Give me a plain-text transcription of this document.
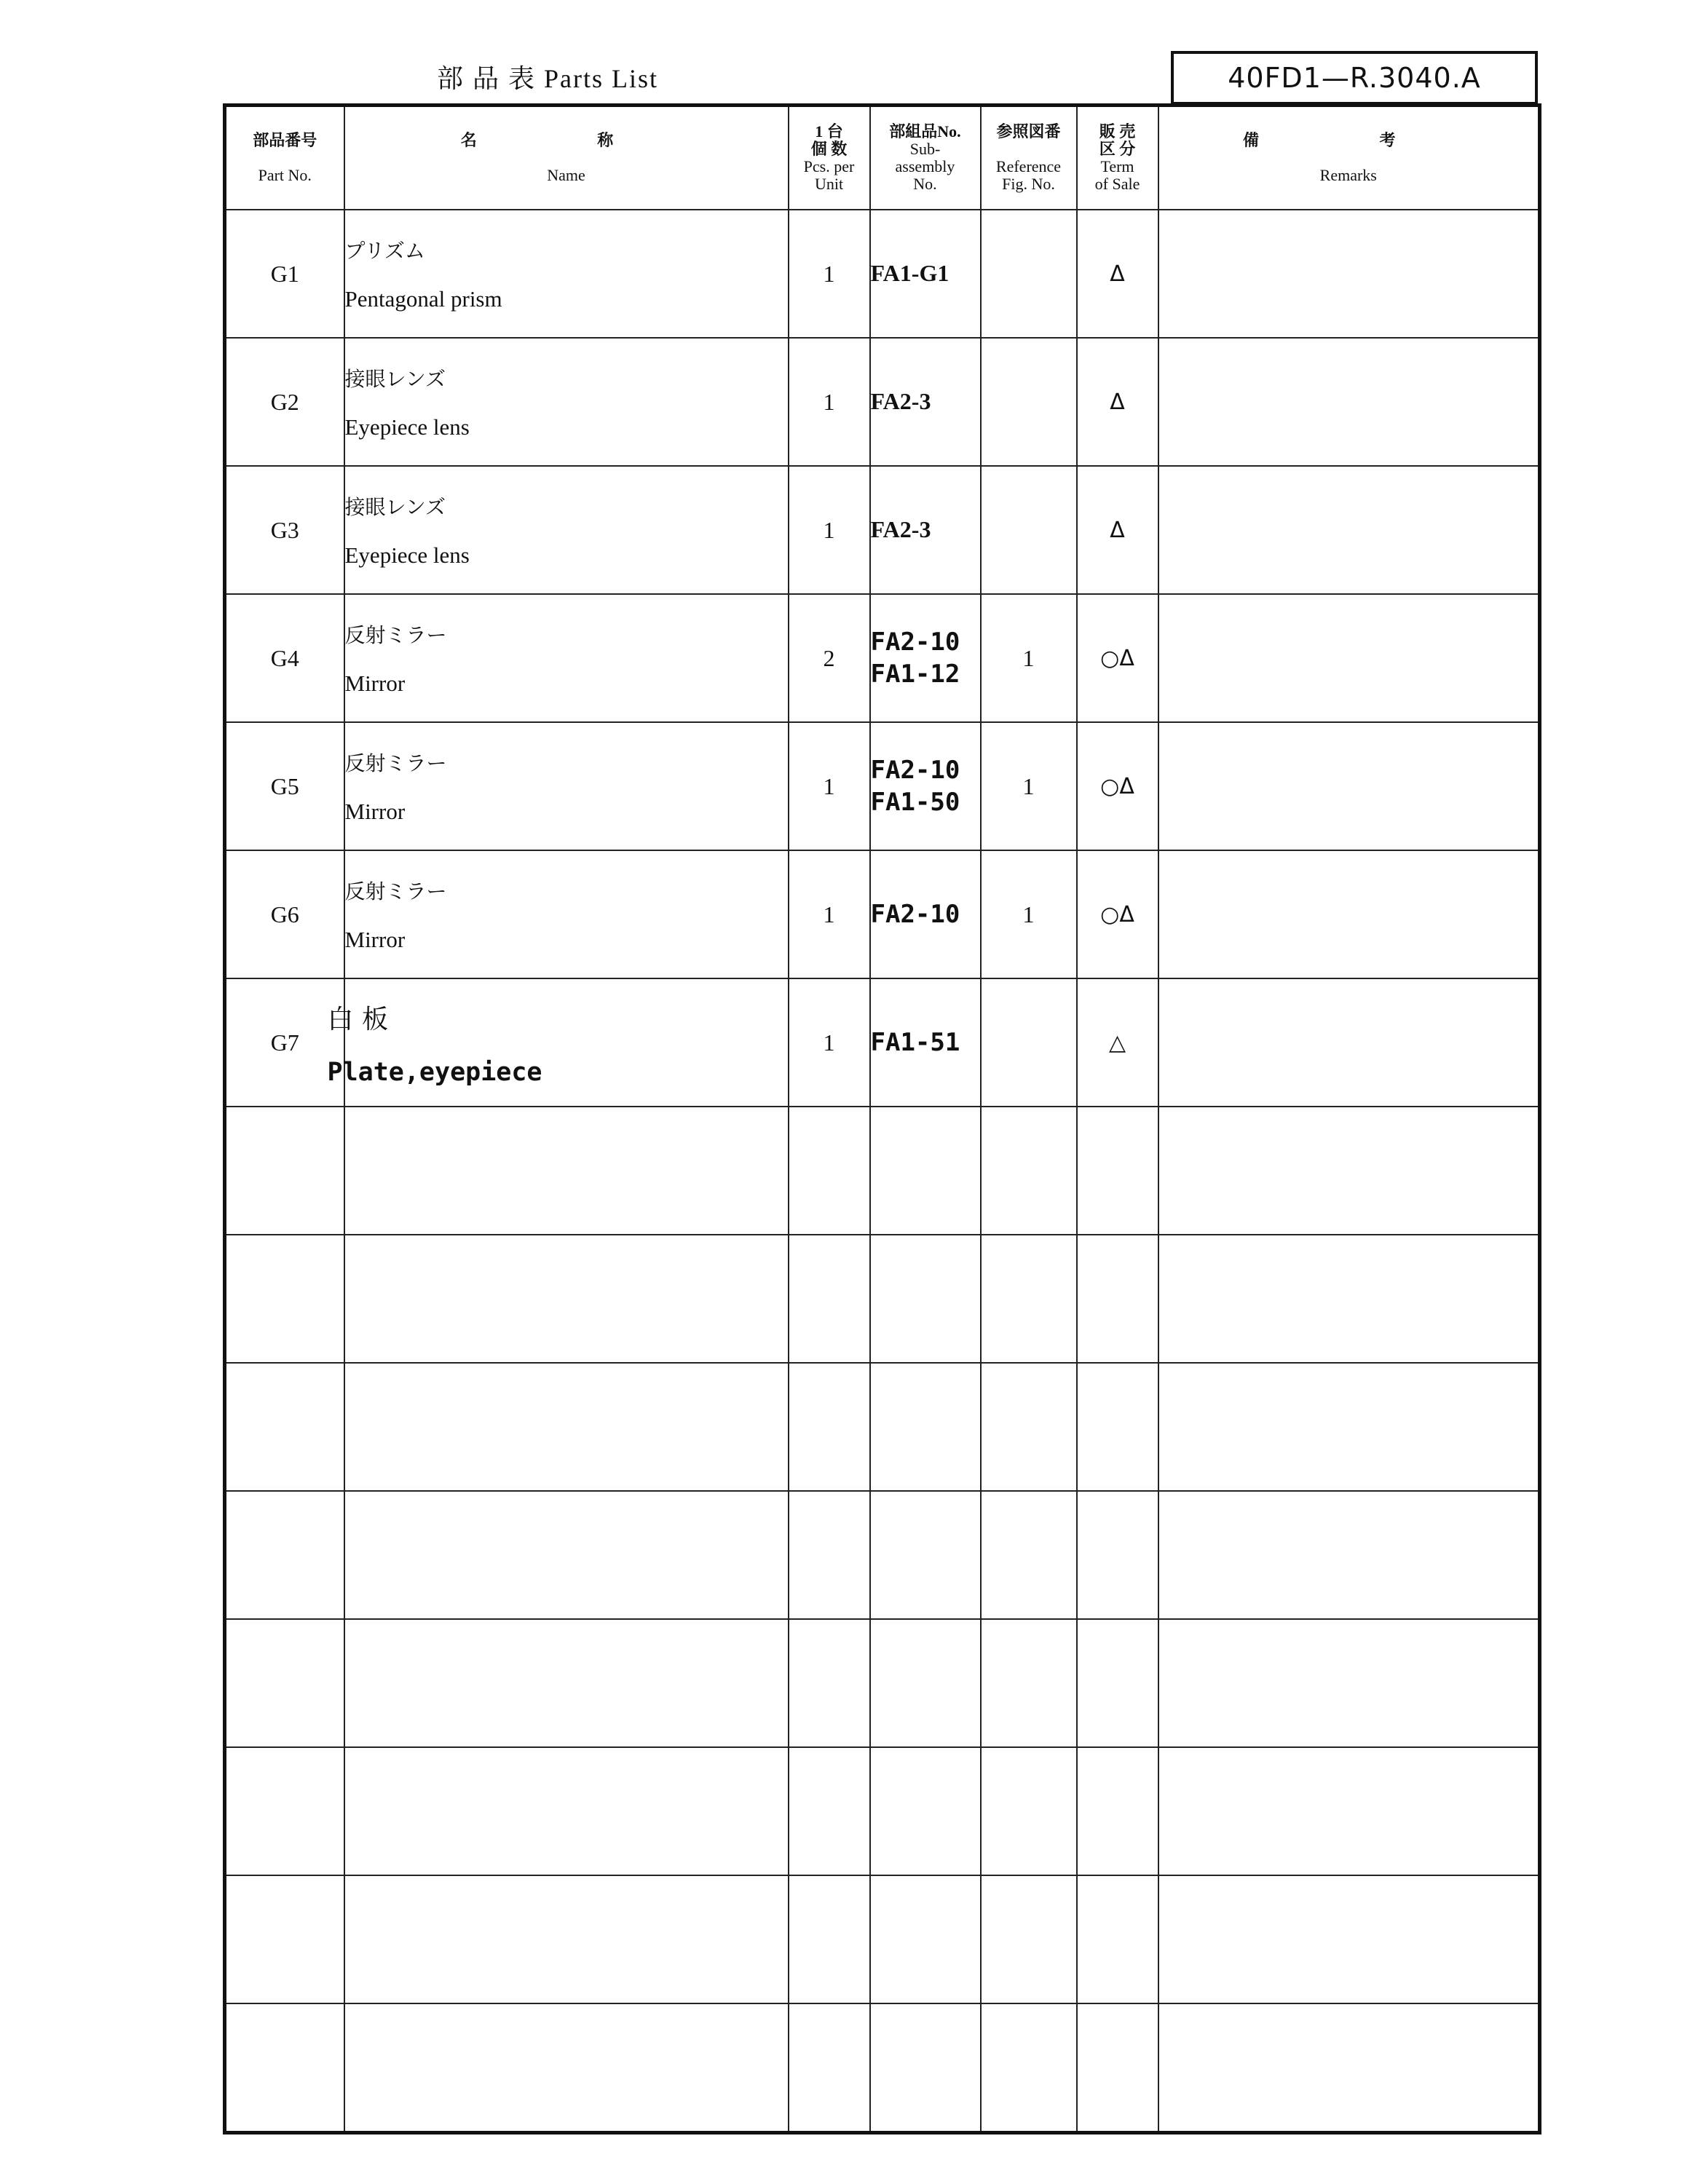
部 品 表 Parts List	40FD1—R.3040.A
部品番号

Part No.	名 称

Name	1 台
個 数
Pcs. per
Unit	部組品No.
Sub-
assembly
No.	参照図番

Reference
Fig. No.	販 売
区 分
Term
of Sale	備 考

Remarks

G1	プリズム
Pentagonal prism	1	FA1-G1		Δ	
G2	接眼レンズ
Eyepiece lens	1	FA2-3		Δ	
G3	接眼レンズ
Eyepiece lens	1	FA2-3		Δ	
G4	反射ミラー
Mirror	2	FA2-10
FA1-12	1	○Δ	
G5	反射ミラー
Mirror	1	FA2-10
FA1-50	1	○Δ	
G6	反射ミラー
Mirror	1	FA2-10	1	○Δ	
G7	白 板
Plate,eyepiece	1	FA1-51		△	
